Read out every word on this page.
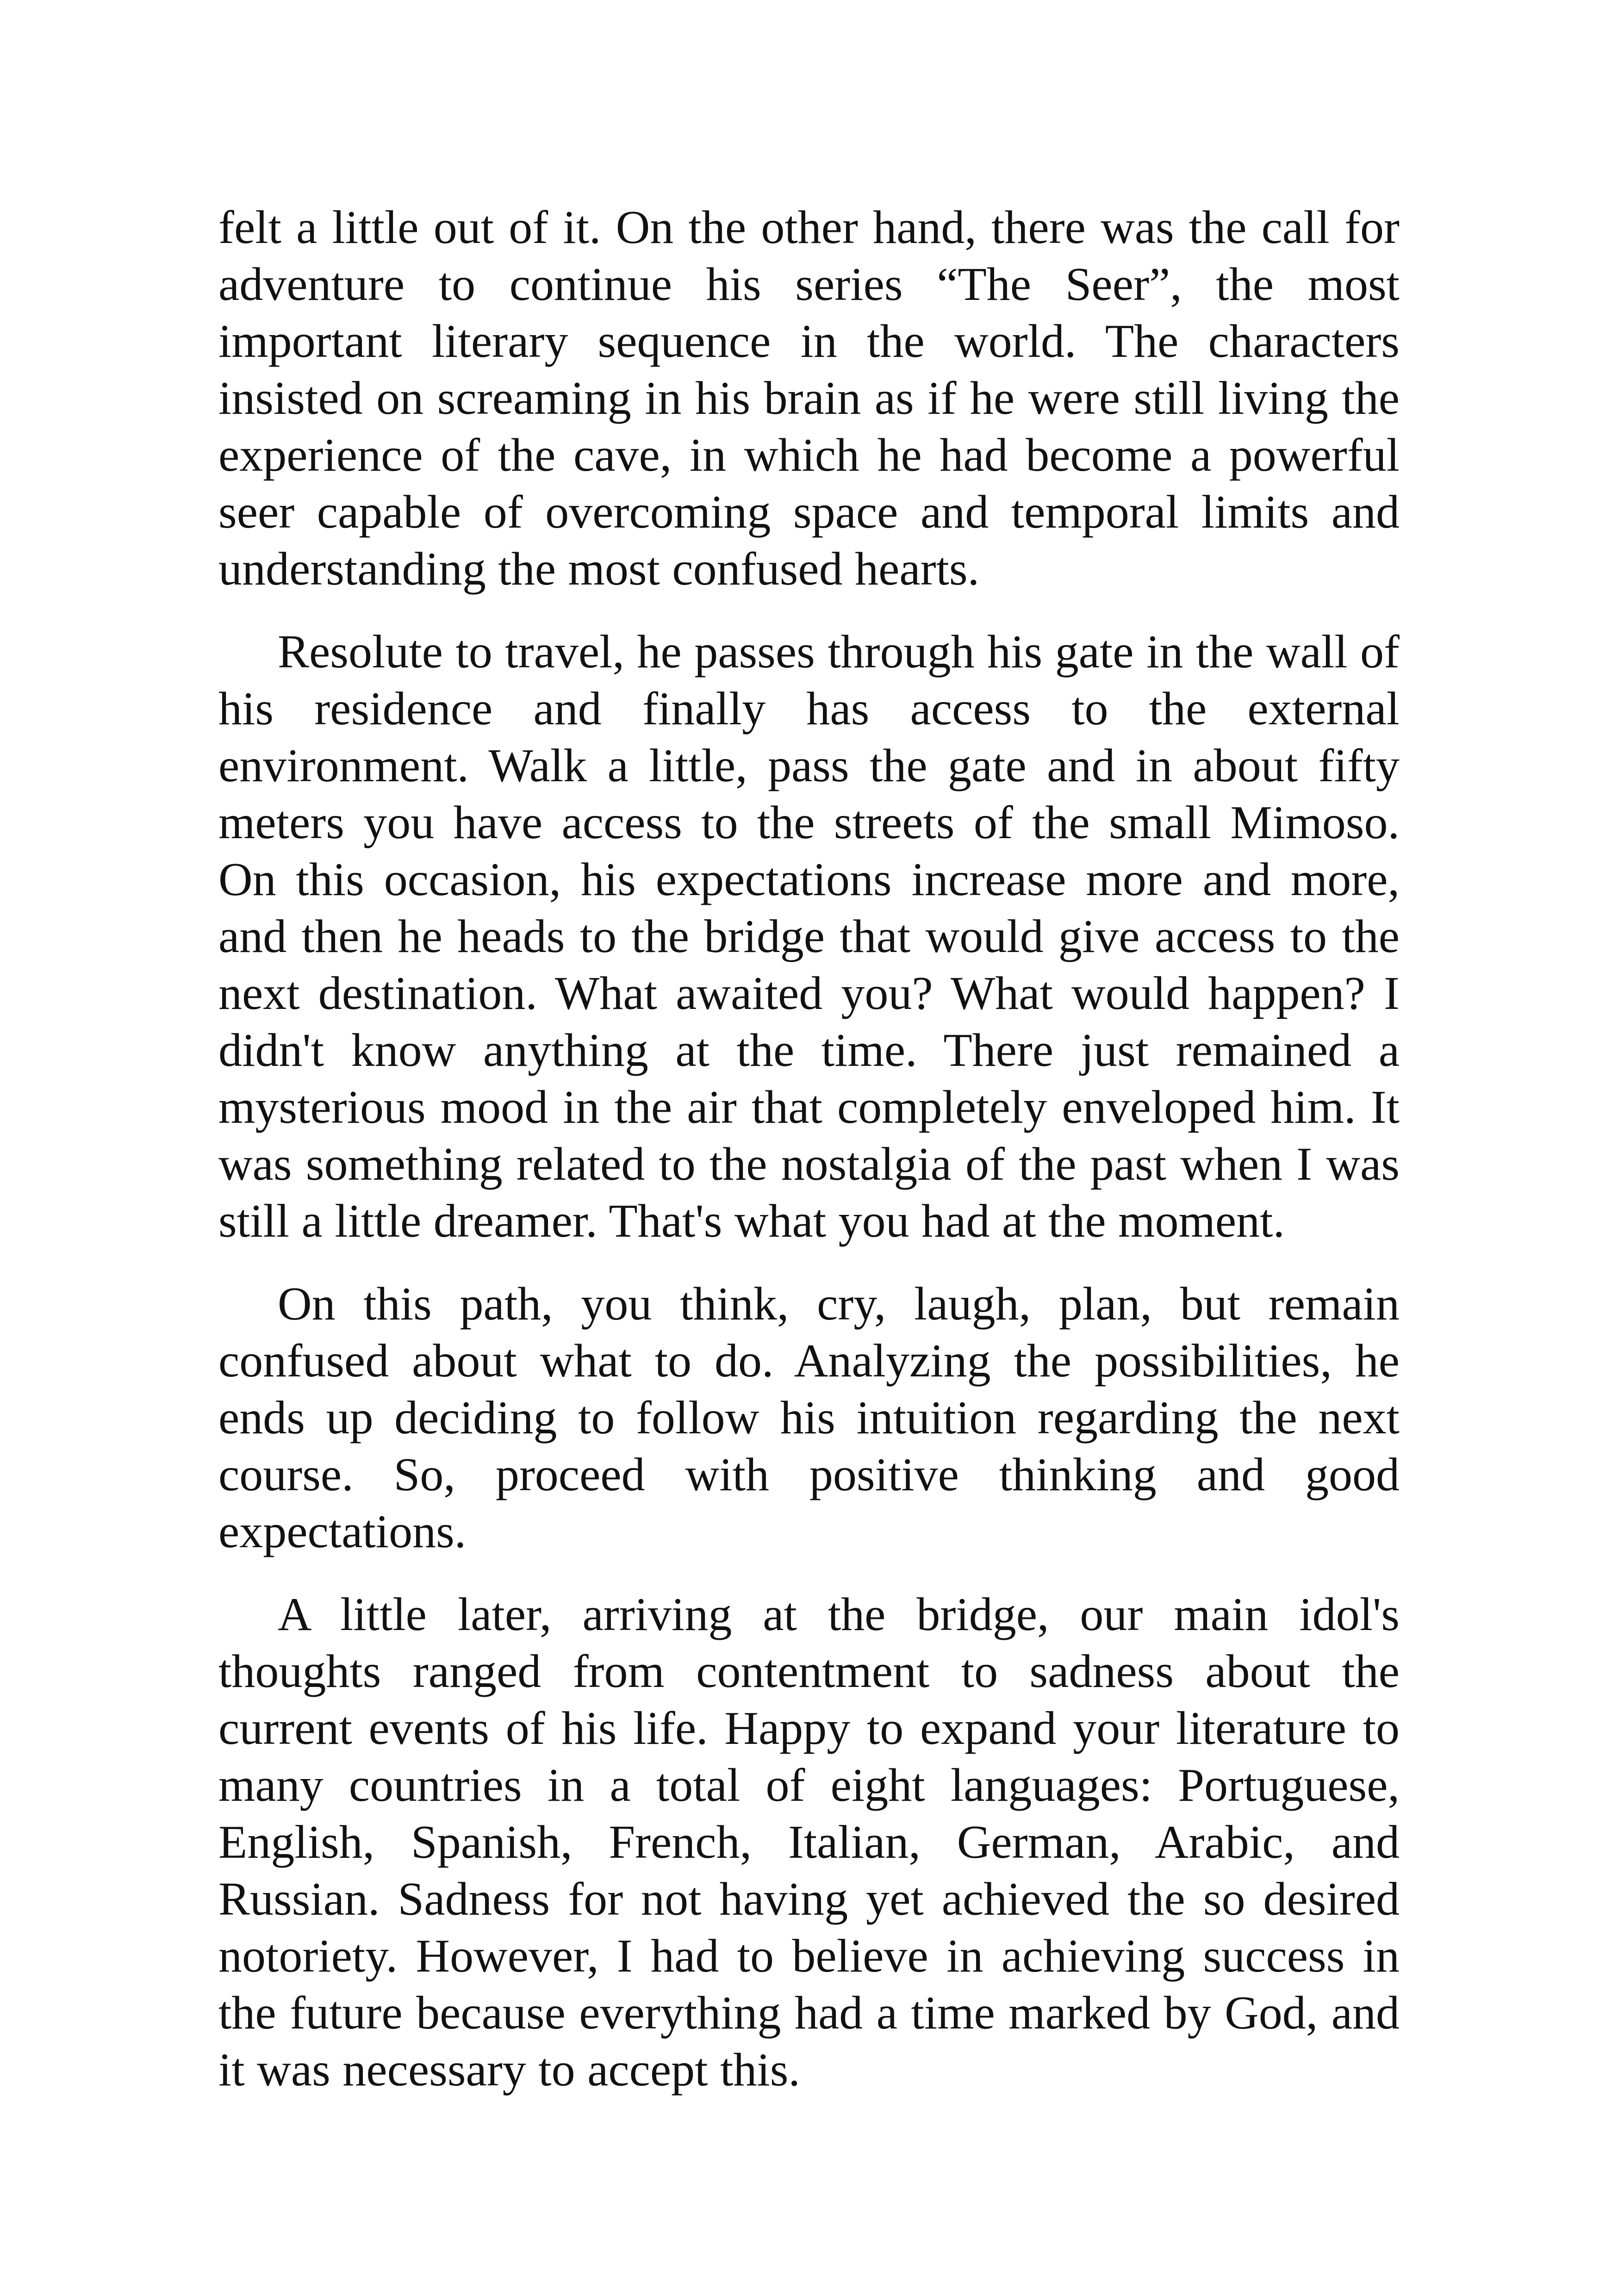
felt a little out of it. On the other hand, there was the call for adventure to continue his series “The Seer”, the most important literary sequence in the world. The characters insisted on screaming in his brain as if he were still living the experience of the cave, in which he had become a powerful seer capable of overcoming space and temporal limits and understanding the most confused hearts.

Resolute to travel, he passes through his gate in the wall of his residence and finally has access to the external environment. Walk a little, pass the gate and in about fifty meters you have access to the streets of the small Mimoso. On this occasion, his expectations increase more and more, and then he heads to the bridge that would give access to the next destination. What awaited you? What would happen? I didn't know anything at the time. There just remained a mysterious mood in the air that completely enveloped him. It was something related to the nostalgia of the past when I was still a little dreamer. That's what you had at the moment.

On this path, you think, cry, laugh, plan, but remain confused about what to do. Analyzing the possibilities, he ends up deciding to follow his intuition regarding the next course. So, proceed with positive thinking and good expectations.

A little later, arriving at the bridge, our main idol's thoughts ranged from contentment to sadness about the current events of his life. Happy to expand your literature to many countries in a total of eight languages: Portuguese, English, Spanish, French, Italian, German, Arabic, and Russian. Sadness for not having yet achieved the so desired notoriety. However, I had to believe in achieving success in the future because everything had a time marked by God, and it was necessary to accept this.
